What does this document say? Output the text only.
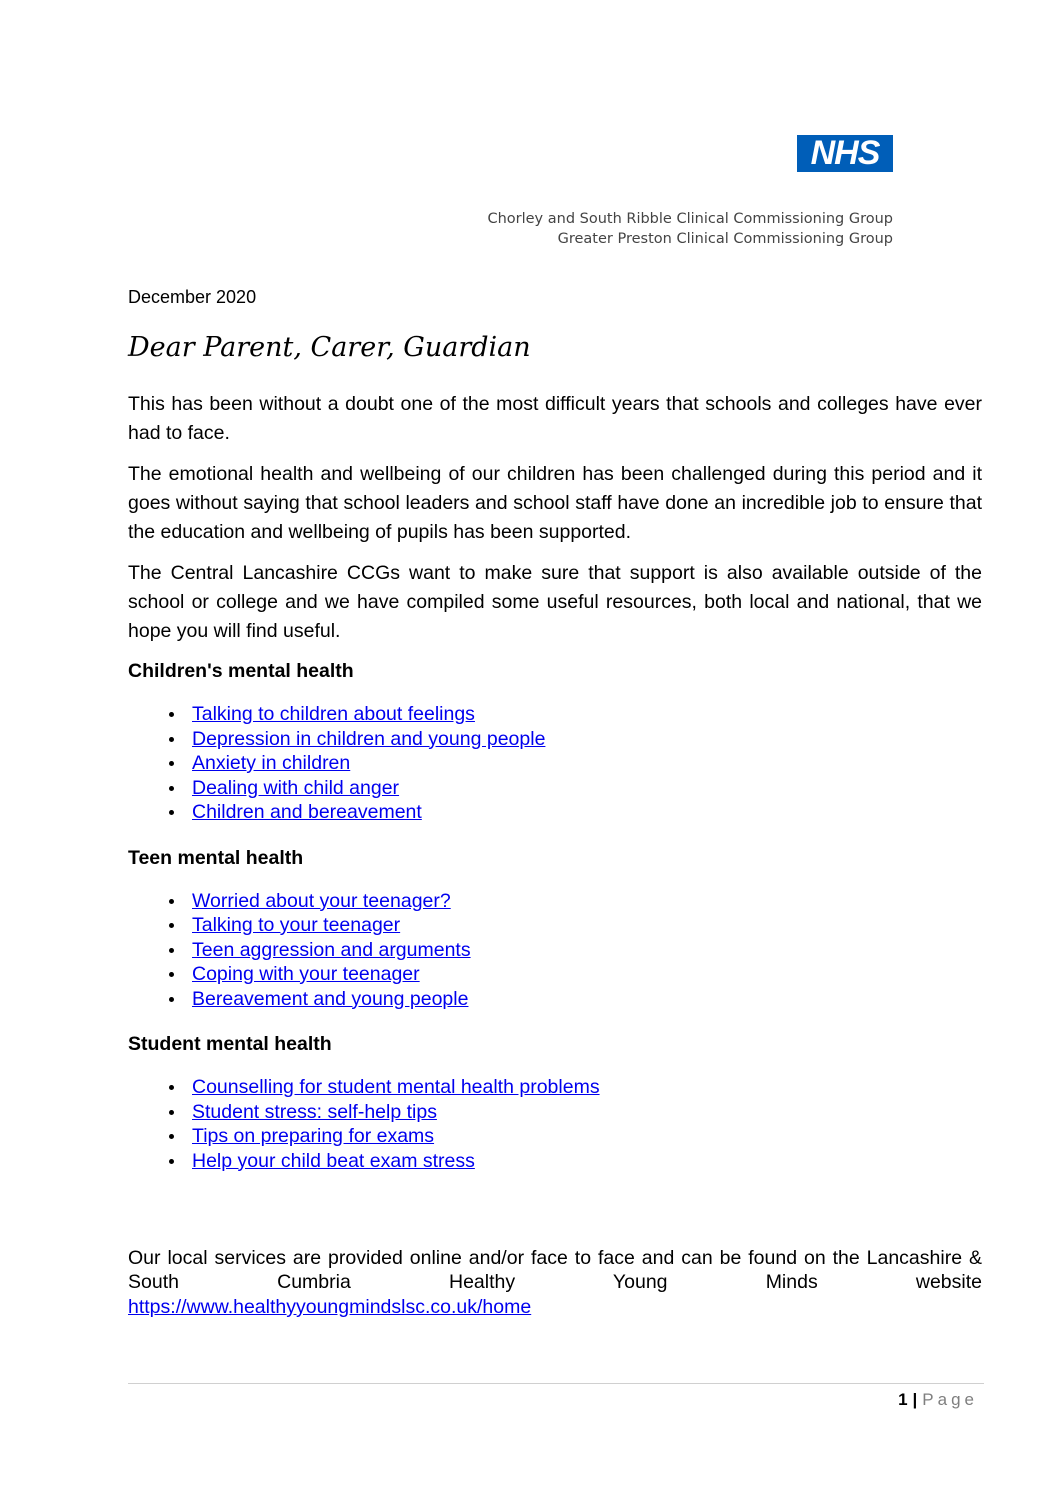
NHS
Chorley and South Ribble Clinical Commissioning Group
Greater Preston Clinical Commissioning Group
December 2020
Dear Parent, Carer, Guardian

This has been without a doubt one of the most difficult years that schools and colleges have ever had to face.

The emotional health and wellbeing of our children has been challenged during this period and it goes without saying that school leaders and school staff have done an incredible job to ensure that the education and wellbeing of pupils has been supported.

The Central Lancashire CCGs want to make sure that support is also available outside of the school or college and we have compiled some useful resources, both local and national, that we hope you will find useful.

Children's mental health
Talking to children about feelings
Depression in children and young people
Anxiety in children
Dealing with child anger
Children and bereavement
Teen mental health
Worried about your teenager?
Talking to your teenager
Teen aggression and arguments
Coping with your teenager
Bereavement and young people
Student mental health
Counselling for student mental health problems
Student stress: self-help tips
Tips on preparing for exams
Help your child beat exam stress
Our local services are provided online and/or face to face and can be found on the Lancashire & South Cumbria Healthy Young Minds website
https://www.healthyyoungmindslsc.co.uk/home
1 | Page
